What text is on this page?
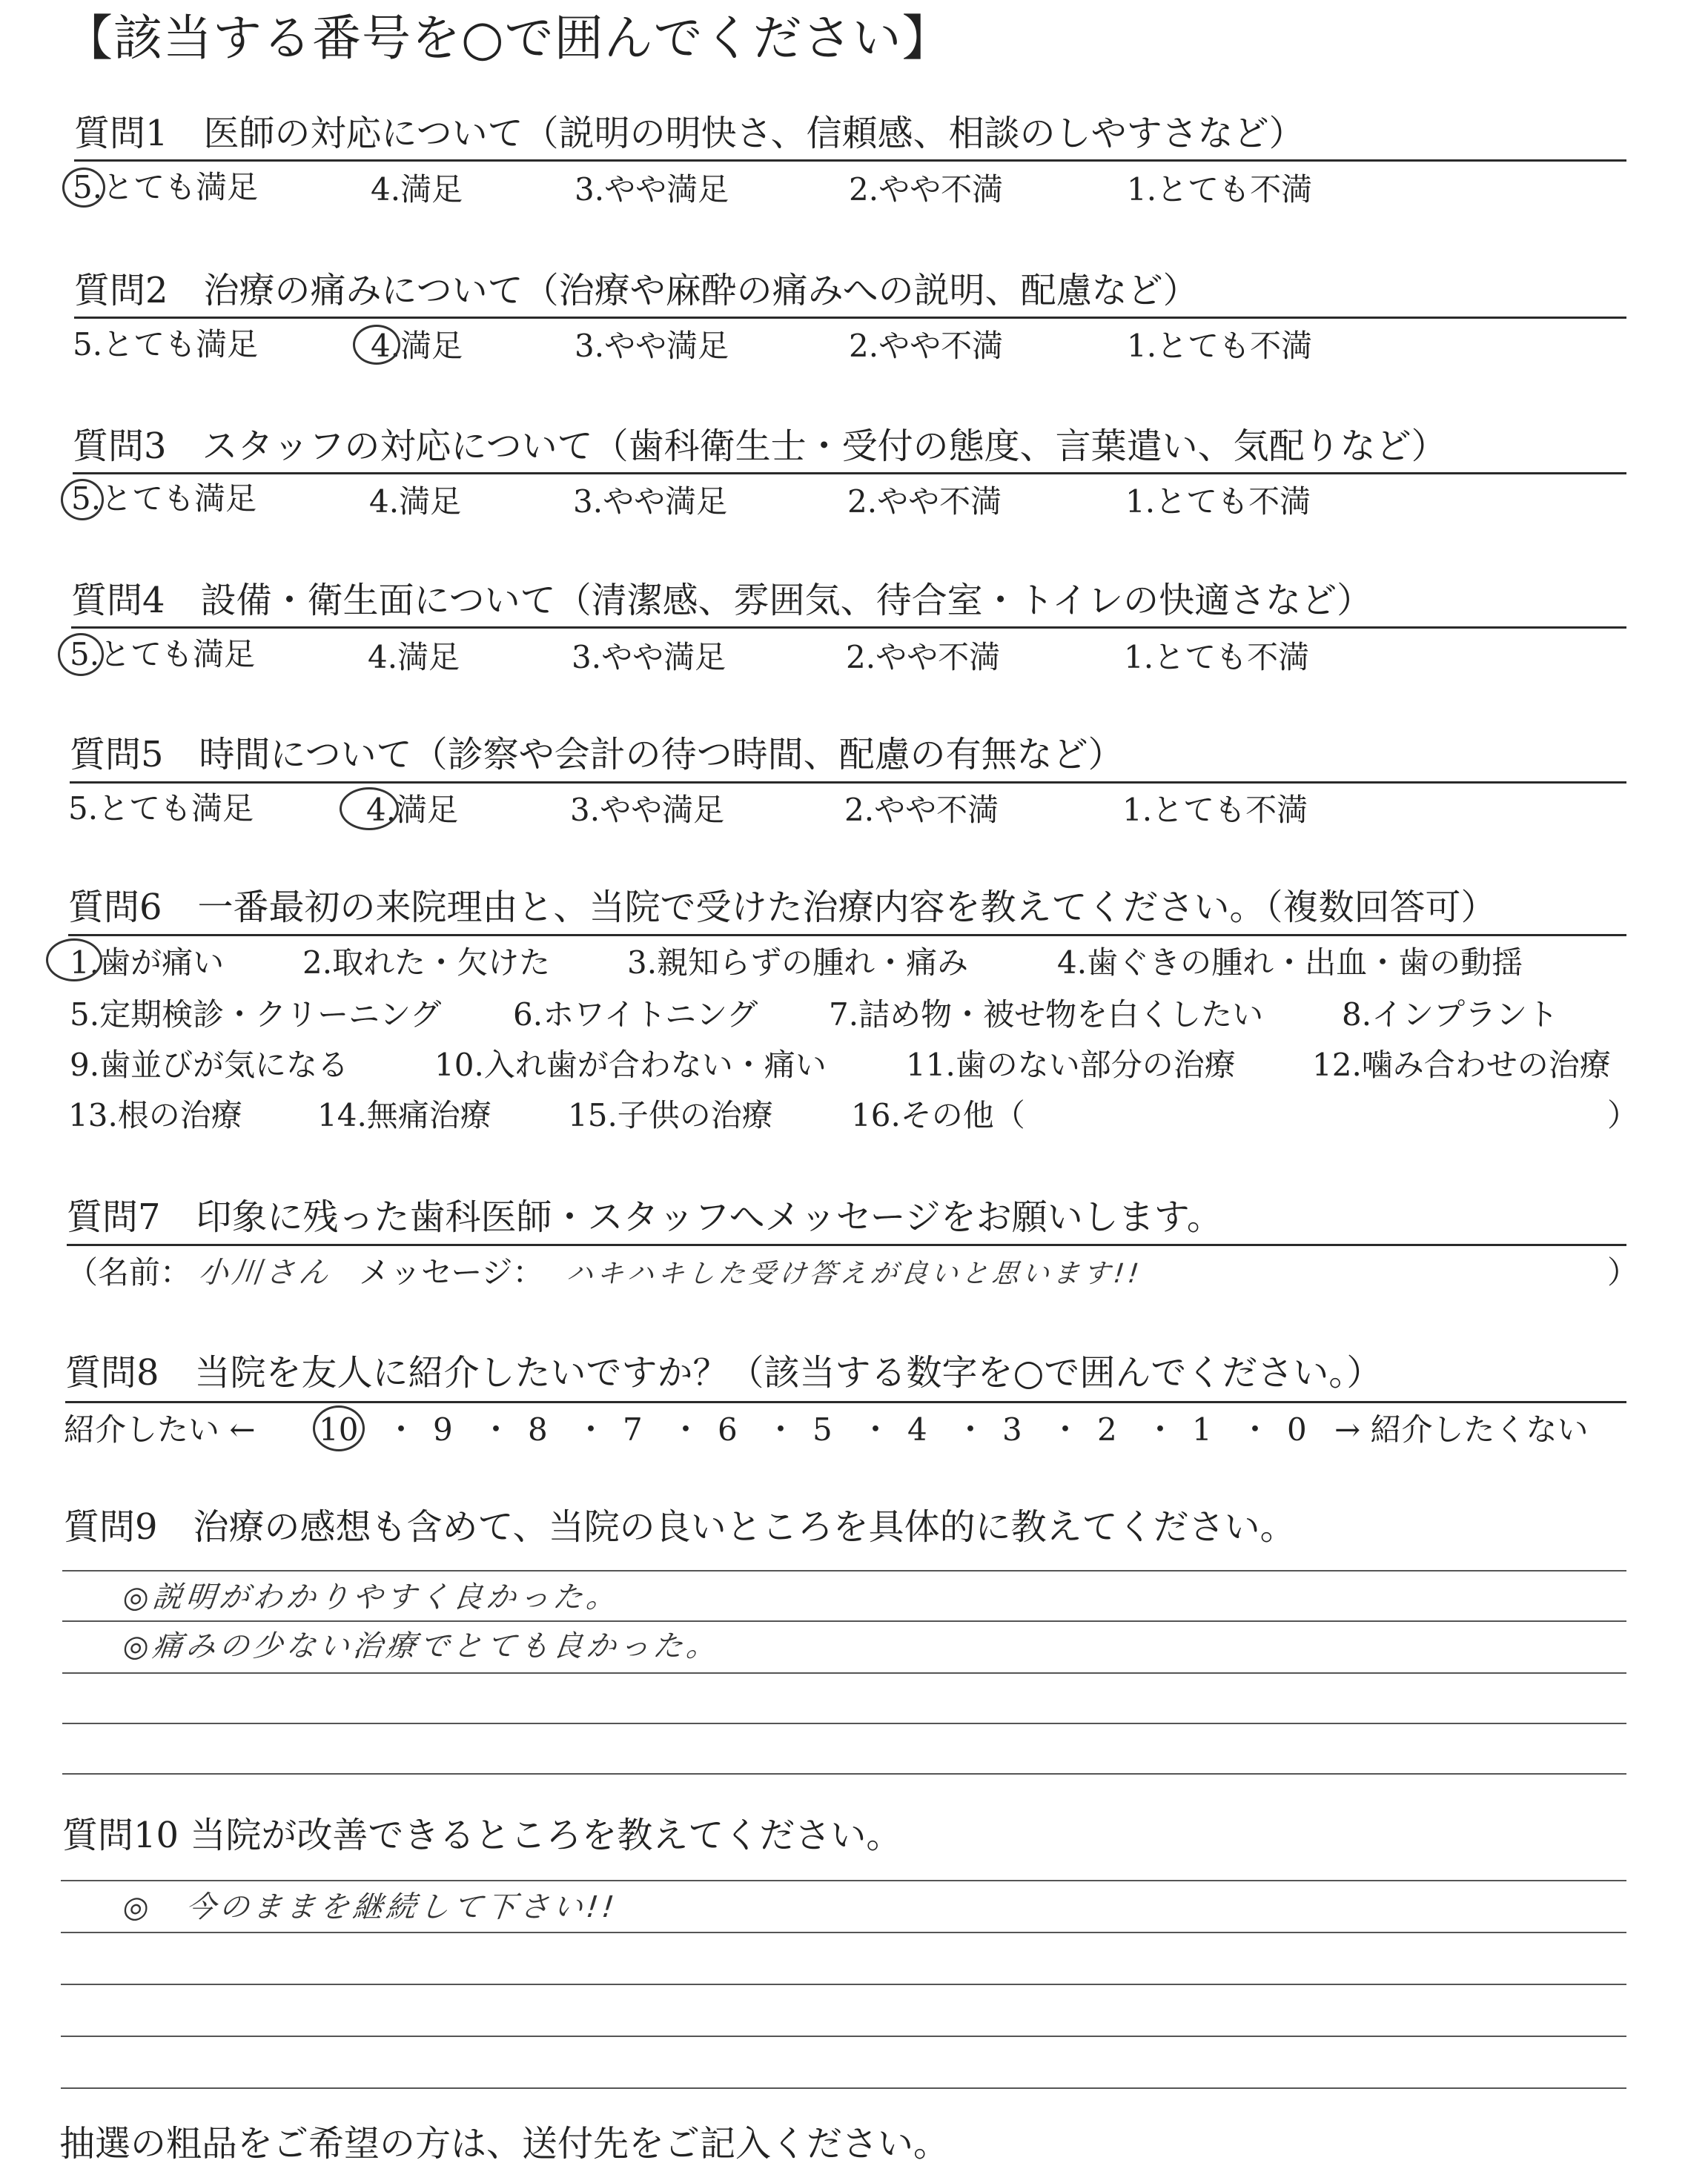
【該当する番号を○で囲んでください】
質問1　医師の対応について（説明の明快さ、信頼感、相談のしやすさなど）
5.とても満足	4.満足	3.やや満足	2.やや不満	1.とても不満
質問2　治療の痛みについて（治療や麻酔の痛みへの説明、配慮など）
5.とても満足	4.満足	3.やや満足	2.やや不満	1.とても不満
質問3　スタッフの対応について（歯科衛生士・受付の態度、言葉遣い、気配りなど）
5.とても満足	4.満足	3.やや満足	2.やや不満	1.とても不満
質問4　設備・衛生面について（清潔感、雰囲気、待合室・トイレの快適さなど）
5.とても満足	4.満足	3.やや満足	2.やや不満	1.とても不満
質問5　時間について（診察や会計の待つ時間、配慮の有無など）
5.とても満足	4.満足	3.やや満足	2.やや不満	1.とても不満
質問6　一番最初の来院理由と、当院で受けた治療内容を教えてください。（複数回答可）
1.歯が痛い	2.取れた・欠けた 3.親知らずの腫れ・痛み	4.歯ぐきの腫れ・出血・歯の動揺
5.定期検診・クリーニング 6.ホワイトニング 7.詰め物・被せ物を白くしたい	8.インプラント
9.歯並びが気になる	10.入れ歯が合わない・痛い	11.歯のない部分の治療 12.噛み合わせの治療
13.根の治療 14.無痛治療 15.子供の治療	16.その他（	）
質問7　印象に残った歯科医師・スタッフへメッセージをお願いします。
（名前： 小川さん メッセージ： ハキハキした受け答えが良いと思います!!	）
質問8　当院を友人に紹介したいですか？（該当する数字を○で囲んでください。）
紹介したい ← 10 ・ 9 ・ 8 ・ 7 ・ 6 ・ 5 ・ 4 ・ 3 ・ 2 ・ 1 ・ 0 → 紹介したくない
質問9　治療の感想も含めて、当院の良いところを具体的に教えてください。
◎説明がわかりやすく良かった。
◎痛みの少ない治療でとても良かった。
質問10 当院が改善できるところを教えてください。
◎　今のままを継続して下さい!!
抽選の粗品をご希望の方は、送付先をご記入ください。
